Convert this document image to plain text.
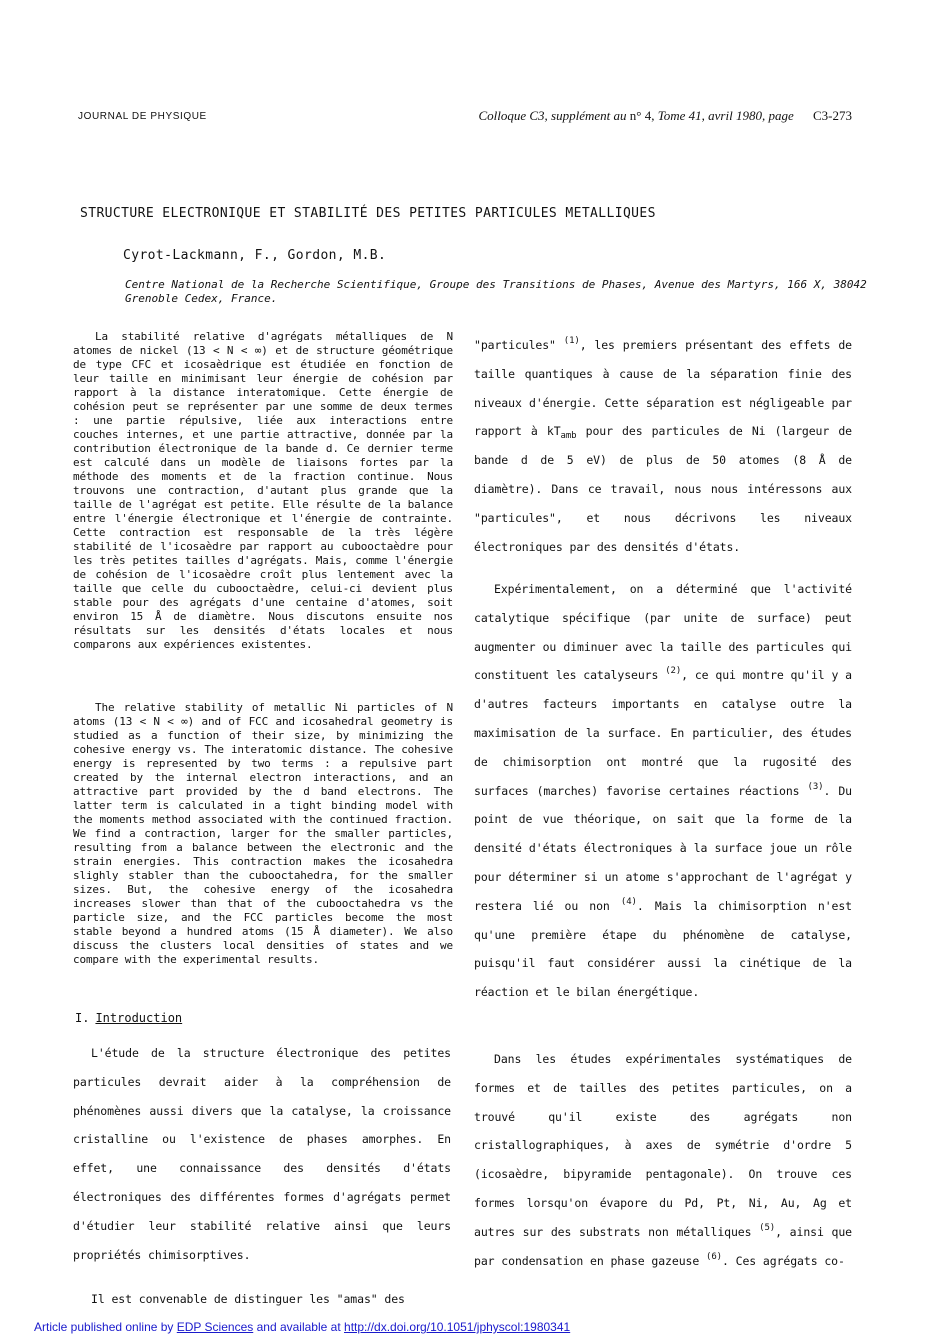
JOURNAL DE PHYSIQUE	Colloque C3, supplément au n° 4, Tome 41, avril 1980, page C3-273
STRUCTURE ELECTRONIQUE ET STABILITÉ DES PETITES PARTICULES METALLIQUES
Cyrot-Lackmann, F., Gordon, M.B.
Centre National de la Recherche Scientifique, Groupe des Transitions de Phases, Avenue des Martyrs, 166 X, 38042 Grenoble Cedex, France.

La stabilité relative d'agrégats métalliques de N atomes de nickel (13 < N < ∞) et de structure géométrique de type CFC et icosaèdrique est étudiée en fonction de leur taille en minimisant leur énergie de cohésion par rapport à la distance interatomique. Cette énergie de cohésion peut se représenter par une somme de deux termes : une partie répulsive, liée aux interactions entre couches internes, et une partie attractive, donnée par la contribution électronique de la bande d. Ce dernier terme est calculé dans un modèle de liaisons fortes par la méthode des moments et de la fraction continue. Nous trouvons une contraction, d'autant plus grande que la taille de l'agrégat est petite. Elle résulte de la balance entre l'énergie électronique et l'énergie de contrainte. Cette contraction est responsable de la très légère stabilité de l'icosaèdre par rapport au cubooctaèdre pour les très petites tailles d'agrégats. Mais, comme l'énergie de cohésion de l'icosaèdre croît plus lentement avec la taille que celle du cubooctaèdre, celui-ci devient plus stable pour des agrégats d'une centaine d'atomes, soit environ 15 Å de diamètre. Nous discutons ensuite nos résultats sur les densités d'états locales et nous comparons aux expériences existentes.

The relative stability of metallic Ni particles of N atoms (13 < N < ∞) and of FCC and icosahedral geometry is studied as a function of their size, by minimizing the cohesive energy vs. The interatomic distance. The cohesive energy is represented by two terms : a repulsive part created by the internal electron interactions, and an attractive part provided by the d band electrons. The latter term is calculated in a tight binding model with the moments method associated with the continued fraction. We find a contraction, larger for the smaller particles, resulting from a balance between the electronic and the strain energies. This contraction makes the icosahedra slighly stabler than the cubooctahedra, for the smaller sizes. But, the cohesive energy of the icosahedra increases slower than that of the cubooctahedra vs the particle size, and the FCC particles become the most stable beyond a hundred atoms (15 Å diameter). We also discuss the clusters local densities of states and we compare with the experimental results.

I. Introduction

L'étude de la structure électronique des petites particules devrait aider à la compréhension de phénomènes aussi divers que la catalyse, la croissance cristalline ou l'existence de phases amorphes. En effet, une connaissance des densités d'états électroniques des différentes formes d'agrégats permet d'étudier leur stabilité relative ainsi que leurs propriétés chimisorptives.

Il est convenable de distinguer les "amas" des

"particules" $^{(1)}$, les premiers présentant des effets de taille quantiques à cause de la séparation finie des niveaux d'énergie. Cette séparation est négligeable par rapport à $kT_{amb}$ pour des particules de Ni (largeur de bande d de 5 eV) de plus de 50 atomes (8 Å de diamètre). Dans ce travail, nous nous intéressons aux "particules", et nous décrivons les niveaux électroniques par des densités d'états.

Expérimentalement, on a déterminé que l'activité catalytique spécifique (par unite de surface) peut augmenter ou diminuer avec la taille des particules qui constituent les catalyseurs $^{(2)}$, ce qui montre qu'il y a d'autres facteurs importants en catalyse outre la maximisation de la surface. En particulier, des études de chimisorption ont montré que la rugosité des surfaces (marches) favorise certaines réactions $^{(3)}$. Du point de vue théorique, on sait que la forme de la densité d'états électroniques à la surface joue un rôle pour déterminer si un atome s'approchant de l'agrégat y restera lié ou non $^{(4)}$. Mais la chimisorption n'est qu'une première étape du phénomène de catalyse, puisqu'il faut considérer aussi la cinétique de la réaction et le bilan énergétique.

Dans les études expérimentales systématiques de formes et de tailles des petites particules, on a trouvé qu'il existe des agrégats non cristallographiques, à axes de symétrie d'ordre 5 (icosaèdre, bipyramide pentagonale). On trouve ces formes lorsqu'on évapore du Pd, Pt, Ni, Au, Ag et autres sur des substrats non métalliques $^{(5)}$, ainsi que par condensation en phase gazeuse $^{(6)}$. Ces agrégats co-

Article published online by EDP Sciences and available at http://dx.doi.org/10.1051/jphyscol:1980341
